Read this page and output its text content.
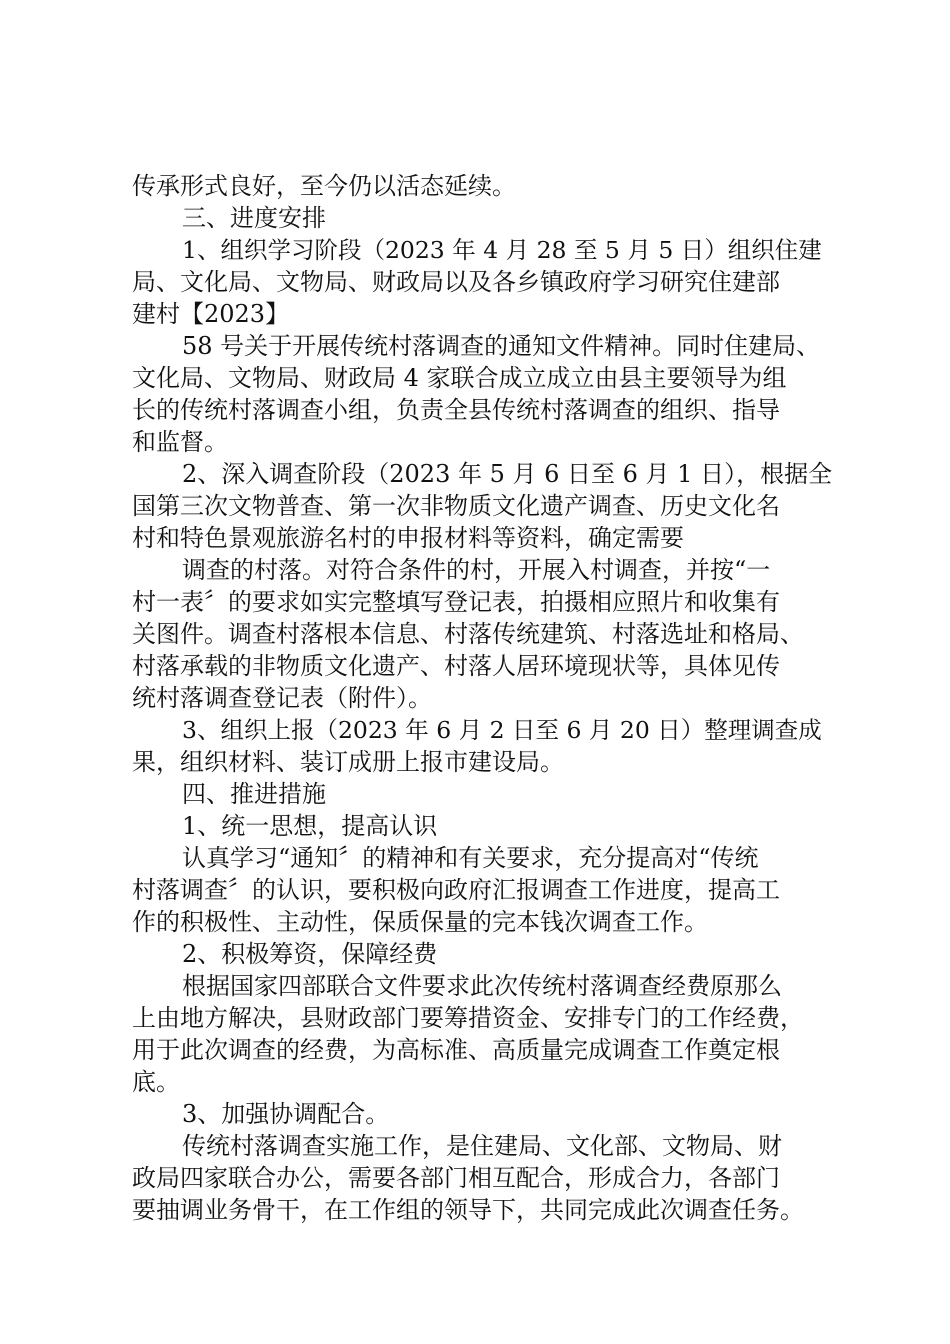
传承形式良好，至今仍以活态延续。
三、进度安排
1、组织学习阶段（2023 年 4 月 28 至 5 月 5 日）组织住建
局、文化局、文物局、财政局以及各乡镇政府学习研究住建部
建村【2023】
58 号关于开展传统村落调查的通知文件精神。同时住建局、
文化局、文物局、财政局 4 家联合成立成立由县主要领导为组
长的传统村落调查小组，负责全县传统村落调查的组织、指导
和监督。
2、深入调查阶段（2023 年 5 月 6 日至 6 月 1 日），根据全
国第三次文物普查、第一次非物质文化遗产调查、历史文化名
村和特色景观旅游名村的申报材料等资料，确定需要
调查的村落。对符合条件的村，开展入村调查，并按“一
村一表〞的要求如实完整填写登记表，拍摄相应照片和收集有
关图件。调查村落根本信息、村落传统建筑、村落选址和格局、
村落承载的非物质文化遗产、村落人居环境现状等，具体见传
统村落调查登记表（附件）。
3、组织上报（2023 年 6 月 2 日至 6 月 20 日）整理调查成
果，组织材料、装订成册上报市建设局。
四、推进措施
1、统一思想，提高认识
认真学习“通知〞的精神和有关要求，充分提高对“传统
村落调查〞的认识，要积极向政府汇报调查工作进度，提高工
作的积极性、主动性，保质保量的完本钱次调查工作。
2、积极筹资，保障经费
根据国家四部联合文件要求此次传统村落调查经费原那么
上由地方解决，县财政部门要筹措资金、安排专门的工作经费，
用于此次调查的经费，为高标准、高质量完成调查工作奠定根
底。
3、加强协调配合。
传统村落调查实施工作，是住建局、文化部、文物局、财
政局四家联合办公，需要各部门相互配合，形成合力，各部门
要抽调业务骨干，在工作组的领导下，共同完成此次调查任务。
